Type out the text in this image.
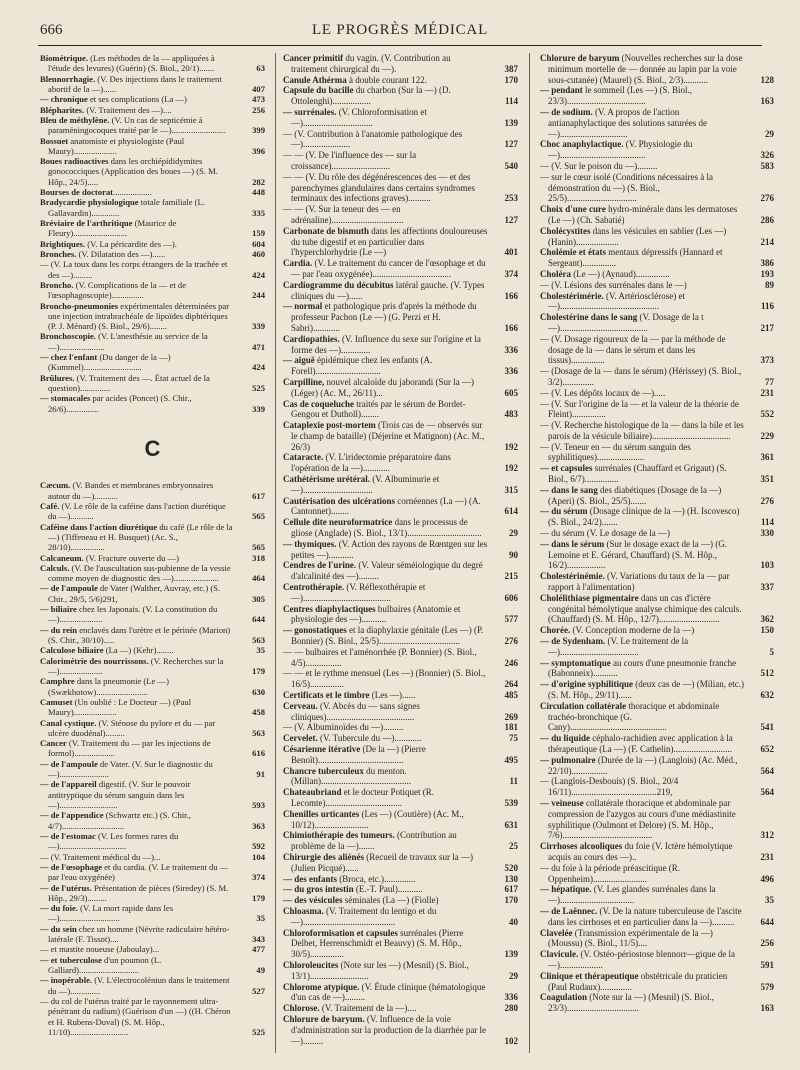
666	LE PROGRÈS MÉDICAL

Biométrique. (Les méthodes de la — appliquées à l'étude des levures) (Guérin) (S. Biol., 20/1).......	63

Blennorrhagie. (V. Des injections dans le traitement abortif de la —)......	407

— chronique et ses complications (La —)	473

Blépharites. (V. Traitement des —)....	256

Bleu de méthylène. (V. Un cas de septicémie à paraméningocoques traité par le —).........................	399

Bossuet anatomiste et physiologiste (Paul Maury)....................	396

Boues radioactives dans les orchiépididymites gonococciques (Application des boues —) (S. M. Hôp., 24/5).....	282

Bourses de doctorat..................	448

Bradycardie physiologique totale familiale (L. Gallavardin).............	335

Bréviaire de l'arthritique (Maurice de Fleury).........................	159

Brightiques. (V. La péricardite des —).	604

Bronches. (V. Dilatation des —)......	460

— (V. La toux dans les corps étrangers de la trachée et des —).........	424

Broncho. (V. Complications de la — et de l'œsophagoscopie)...............	244

Broncho-pneumonies expérimentales déterminées par une injection intrabrachéale de lipoïdes diphtériques (P. J. Ménard) (S. Biol., 29/6)........	339

Bronchoscopie. (V. L'anesthésie au service de la —).....................	471

— chez l'enfant (Du danger de la —) (Kummel)...........................	424

Brûlures. (V. Traitement des —. État actuel de la question)..............	525

— stomacales par acides (Poncet) (S. Chir., 26/6)...............	339

C

Cæcum. (V. Bandes et membranes embryonnaires autour du —)...........	617

Café. (V. Le rôle de la caféine dans l'action diurétique du —)...........	565

Caféine dans l'action diurétique du café (Le rôle de la —) (Tiffeneau et H. Busquet) (Ac. S., 28/10)................	565

Calcaneum. (V. Fracture ouverte du —)	318

Calculs. (V. De l'auscultation sus-pubienne de la vessie comme moyen de diagnostic des —).....................	464

— de l'ampoule de Vater (Walther, Auvray, etc.) (S. Chir., 29/5, 5/6)291,	305

— biliaire chez les Japonais. (V. La constitution du —)....................	644

— du rein enclavés dans l'urètre et le périnée (Marion) (S. Chir., 30/10).....	563

Calculose biliaire (La —) (Kehr)........	35

Calorimétrie des nourrissons. (V. Recherches sur la —)....................	179

Camphre dans la pneumonie (Le —) (Swækhotow)........................	630

Camuset (Un oublié : Le Docteur —) (Paul Maury)....................	458

Canal cystique. (V. Sténose du pylore et du — par ulcère duodénal).........	563

Cancer (V. Traitement du — par les injections de formol)...................	616

— de l'ampoule de Vater. (V. Sur le diagnostic du —).......................	91

— de l'appareil digestif. (V. Sur le pouvoir antitryptique du sérum sanguin dans les —)...........................	593

— de l'appendice (Schwartz etc.) (S. Chir., 4/7).............................	363

— de l'estomac (V. Les formes rares du —)...............................	592

— (V. Traitement médical du —)...	104

— de l'œsophage et du cardia. (V. Le traitement du — par l'eau oxygénée)	374

— de l'utérus. Présentation de pièces (Siredey) (S. M. Hôp., 29/3).........	179

— du foie. (V. La mort rapide dans les —)............................	35

— du sein chez un homme (Névrite radiculaire hétéro-latérale (F. Tissot)....	343

— et mastite noueuse (Jaboulay)...	477

— et tuberculose d'un poumon (L. Galliard)............................	49

— inopérable. (V. L'électrocoléniun dans le traitement du —)..............	527

— du col de l'utérus traité par le rayonnement ultra-pénétrant du radium) (Guérison d'un —) ((H. Chéron et H. Rubens-Duval) (S. M. Hôp., 11/10)...........................	525

Cancer primitif du vagin. (V. Contribution au traitement chirurgical du —).	387

Canule Athérma à double courant 122.	170

Capsule du bacille du charbon (Sur la —) (D. Ottolenghi).................	114

— surrénales. (V. Chloroformisation et —)...............................	139

— (V. Contribution à l'anatomie pathologique des —).....................	127

— — (V. De l'influence des — sur la croissance)..........................	540

— — (V. Du rôle des dégénérescences des — et des parenchymes glandulaires dans certains syndromes terminaux des infections graves)..........	253

— — (V. Sur la teneur des — en adrénaline)................................	127

Carbonate de bismuth dans les affections douloureuses du tube digestif et en particulier dans l'hyperchlorhydrie (Le —)	401

Cardia. (V. Le traitement du cancer de l'œsophage et du — par l'eau oxygénée)...................................	374

Cardiogramme du décubitus latéral gauche. (V. Types cliniques du —)......	166

— normal et pathologique pris d'après la méthode du professeur Pachon (Le —) (G. Perzi et H. Sabri)............	166

Cardiopathies. (V. Influence du sexe sur l'origine et la forme des —).............	336

— aiguë épidémique chez les enfants (A. Forell).............................	336

Carpilline, nouvel alcaloïde du jaborandi (Sur la —) (Léger) (Ac. M., 26/11)...	605

Cas de coqueluche traités par le sérum de Bordet-Gengou et Dutholl)........	483

Cataplexie post-mortem (Trois cas de — observés sur le champ de bataille) (Déjerine et Matignon) (Ac. M., 26/3)	192

Cataracte. (V. L'iridectomie préparatoire dans l'opération de la —)............	192

Cathétérisme urétéral. (V. Albuminurie et —)...............................	315

Cautérisation des ulcérations cornéennes (La —) (A. Cantonnet)........	614

Cellule dite neuroformatrice dans le processus de gliose (Anglade) (S. Biol., 13/1).................................	29

— thymiques. (V. Action des rayons de Rœntgen sur les petites —)...........	90

Cendres de l'urine. (V. Valeur séméiologique du degré d'alcalinité des —).........	215

Centrothérapie. (V. Réflexothérapie et —).......................................	606

Centres diaphylactiques bulbaires (Anatomie et physiologie des —)...........	577

— gonostatiques et la diaphylaxie génitale (Les —) (P. Bonnier) (S. Biol., 25/5)....................................	276

— — bulbaires et l'aménorrhée (P. Bonnier) (S. Biol., 4/5)................	246

— — et le rythme mensuel (Les —) (Bonnier) (S. Biol., 16/5)...............	264

Certificats et le timbre (Les —)......	485

Cerveau. (V. Abcès du — sans signes cliniques).......................................	269

— (V. Albuminoïdes du —).........	181

Cervelet. (V. Tubercule du —)............	75

Césarienne itérative (De la —) (Pierre Benoît)......................................	495

Chancre tuberculeux du menton. (Millan)........................................	11

Chateaubriand et le docteur Potiquet (R. Lecomte)..................................	539

Chenilles urticantes (Les —) (Coutière) (Ac. M., 10/12)........................	631

Chimiothérapie des tumeurs. (Contribution au problème de la —).......	25

Chirurgie des aliénés (Recueil de travaux sur la —) (Julien Picqué)......	520

— des enfants (Broca, etc.)..............	130

— du gros intestin (E.-T. Paul)...........	617

— des vésicules séminales (La —) (Fiolle)	170

Chloasma. (V. Traitement du lentigo et du —).........................................	40

Chloroformisation et capsules surrénales (Pierre Delbet, Herrenschmidt et Beauvy) (S. M. Hôp., 30/5)...............	139

Chloroleucites (Note sur les —) (Mesnil) (S. Biol., 13/1)..........................	29

Chlorome atypique. (V. Étude clinique (hématologique d'un cas de —).........	336

Chlorose. (V. Traitement de la —)....	280

Chlorure de baryum. (V. Influence de la voie d'administration sur la production de la diarrhée par le —).........	102

Chlorure de baryum (Nouvelles recherches sur la dose minimum mortelle de — donnée au lapin par la voie sous-cutanée) (Maurel) (S. Biol., 2/3)...........	128

— pendant le sommeil (Les —) (S. Biol., 23/3)...................................	163

— de sodium. (V. A propos de l'action antianaphylactique des solutions saturées de —)..............................	29

Choc anaphylactique. (V. Physiologie du —)......................................	326

— (V. Sur le poison du —).........	583

— sur le cœur isolé (Conditions nécessaires à la démonstration du —) (S. Biol., 25/5)...............................	276

Choix d'une cure hydro-minérale dans les dermatoses (Le —) (Ch. Sabatié)	286

Cholécystites dans les vésicules en sablier (Les —) (Hanin)...................	214

Cholémie et états mentaux dépressifs (Hannard et Sergeant)...............	386

Choléra (Le —) (Aynaud)...............	193

— (V. Lésions des surrénales dans le —)	89

Cholestérimérie. (V. Artériosclérose) et —)............................................	116

Cholestérine dans le sang (V. Dosage de la t—).......................................	217

— (V. Dosage rigoureux de la — par la méthode de dosage de la — dans le sérum et dans les tissus)...............	373

— (Dosage de la — dans le sérum) (Hérissey) (S. Biol., 3/2)..............	77

— (V. Les dépôts locaux de —).....	231

— (V. Sur l'origine de la — et la valeur de la théorie de Fleint)...............	552

— (V. Recherche histologique de la — dans la bile et les parois de la vésicule biliaire)...................................	229

— (V. Teneur en — du sérum sanguin des syphilitiques).....................	361

— et capsules surrénales (Chauffard et Grigaut) (S. Biol., 6/7)...............	351

— dans le sang des diabétiques (Dosage de la —) (Aperi) (S. Biol., 25/5).......	276

— du sérum (Dosage clinique de la —) (H. Iscovesco) (S. Biol., 24/2).......	114

— du sérum (V. Le dosage de la —)	330

— dans le sérum (Sur le dosage exact de la —) (G. Lemoine et E. Gérard, Chauffard) (S. M. Hôp., 16/2).................	103

Cholestérinémie. (V. Variations du taux de la — par rapport à l'alimentation)	337

Cholélithiase pigmentaire dans un cas d'ictère congénital hémolytique analyse chimique des calculs. (Chauffard) (S. M. Hôp., 12/7)...........................	362

Chorée. (V. Conception moderne de la —)	150

— de Sydenham. (V. Le traitement de la —)...................................	5

— symptomatique au cours d'une pneumonie franche (Babonneix)...........	512

— d'origine syphilitique (deux cas de —) (Milian, etc.) (S. M. Hôp., 29/11)......	632

Circulation collatérale thoracique et abdominale trachéo-bronchique (G. Cany)...........................................	541

— du liquide céphalo-rachidien avec application à la thérapeutique (La —) (F. Cathelin)..........................	652

— pulmonaire (Durée de la —) (Langlois) (Ac. Méd., 22/10)................	564

— (Langlois-Desbouis) (S. Biol., 20/4 16/11)......................................219,	564

— veineuse collatérale thoracique et abdominale par compression de l'azygos au cours d'une médiastinite syphilitique (Oulmont et Delore) (S. M. Hôp., 7/6)........................................	312

Cirrhoses alcooliques du foie (V. Ictère hémolytique acquis au cours des —)..	231

— du foie à la période préascitique (R. Oppenheim)........................	496

— hépatique. (V. Les glandes surrénales dans la —).................................	35

— de Laënnec. (V. De la nature tuberculeuse de l'ascite dans les cirrhoses et en particulier dans la —)..........	644

Clavelée (Transmission expérimentale de la —) (Moussu) (S. Biol., 11/5)....	256

Clavicule. (V. Ostéo-périostose blennorr—gique de la —)...................	591

Clinique et thérapeutique obstétricale du praticien (Paul Rudaux)..............	579

Coagulation (Note sur la —) (Mesnil) (S. Biol., 23/3)................................	163
